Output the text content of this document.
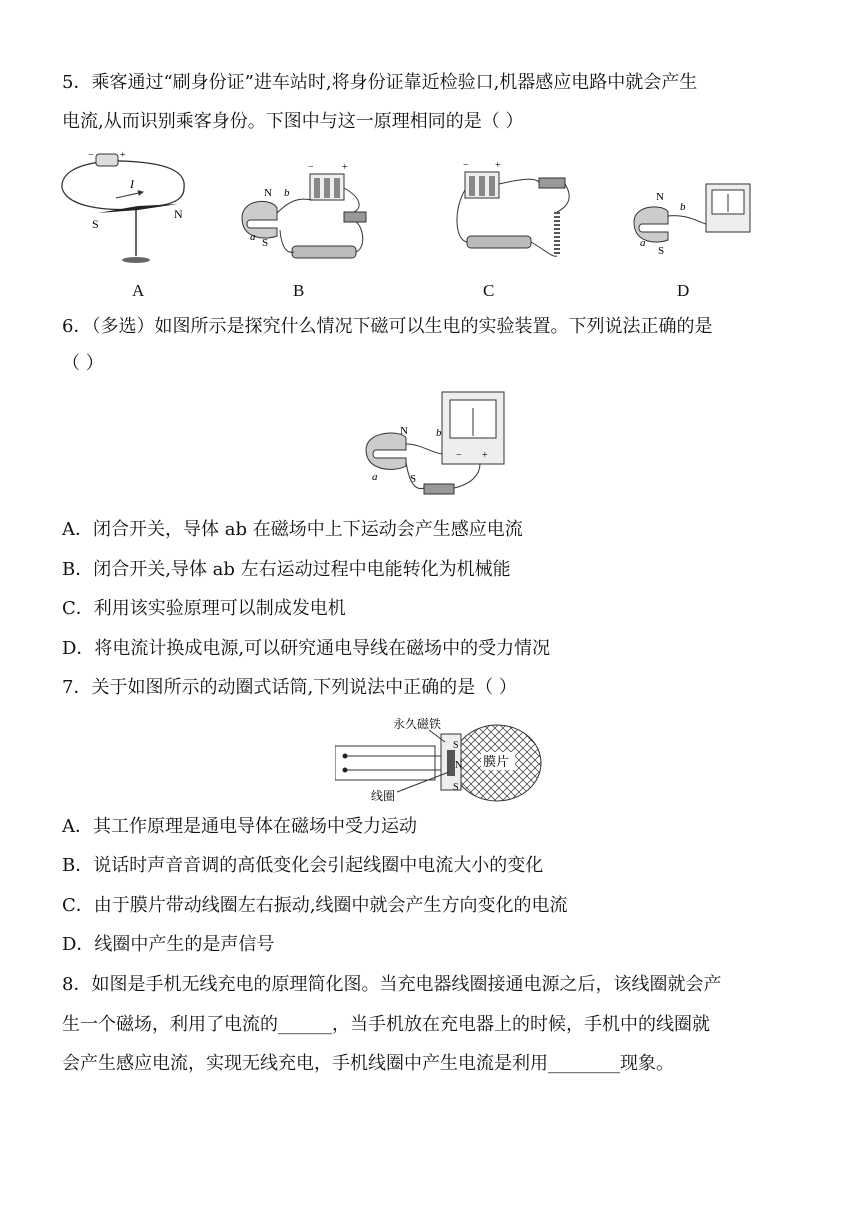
5．乘客通过“刷身份证”进车站时,将身份证靠近检验口,机器感应电路中就会产生
电流,从而识别乘客身份。下图中与这一原理相同的是（ ）
−	+
I
S
N
N
S
a
b
−	+	−	+
N
S
a
b
A	B	C	D
6．（多选）如图所示是探究什么情况下磁可以生电的实验装置。下列说法正确的是
（ ）
N
S
a
b
− +
A．闭合开关，导体 ab 在磁场中上下运动会产生感应电流
B．闭合开关,导体 ab 左右运动过程中电能转化为机械能
C．利用该实验原理可以制成发电机
D．将电流计换成电源,可以研究通电导线在磁场中的受力情况
7．关于如图所示的动圈式话筒,下列说法中正确的是（ ）
S
N
S
膜片
永久磁铁
线圈
A．其工作原理是通电导体在磁场中受力运动
B．说话时声音音调的高低变化会引起线圈中电流大小的变化
C．由于膜片带动线圈左右振动,线圈中就会产生方向变化的电流
D．线圈中产生的是声信号
8．如图是手机无线充电的原理简化图。当充电器线圈接通电源之后，该线圈就会产
生一个磁场，利用了电流的______，当手机放在充电器上的时候，手机中的线圈就
会产生感应电流，实现无线充电，手机线圈中产生电流是利用________现象。
